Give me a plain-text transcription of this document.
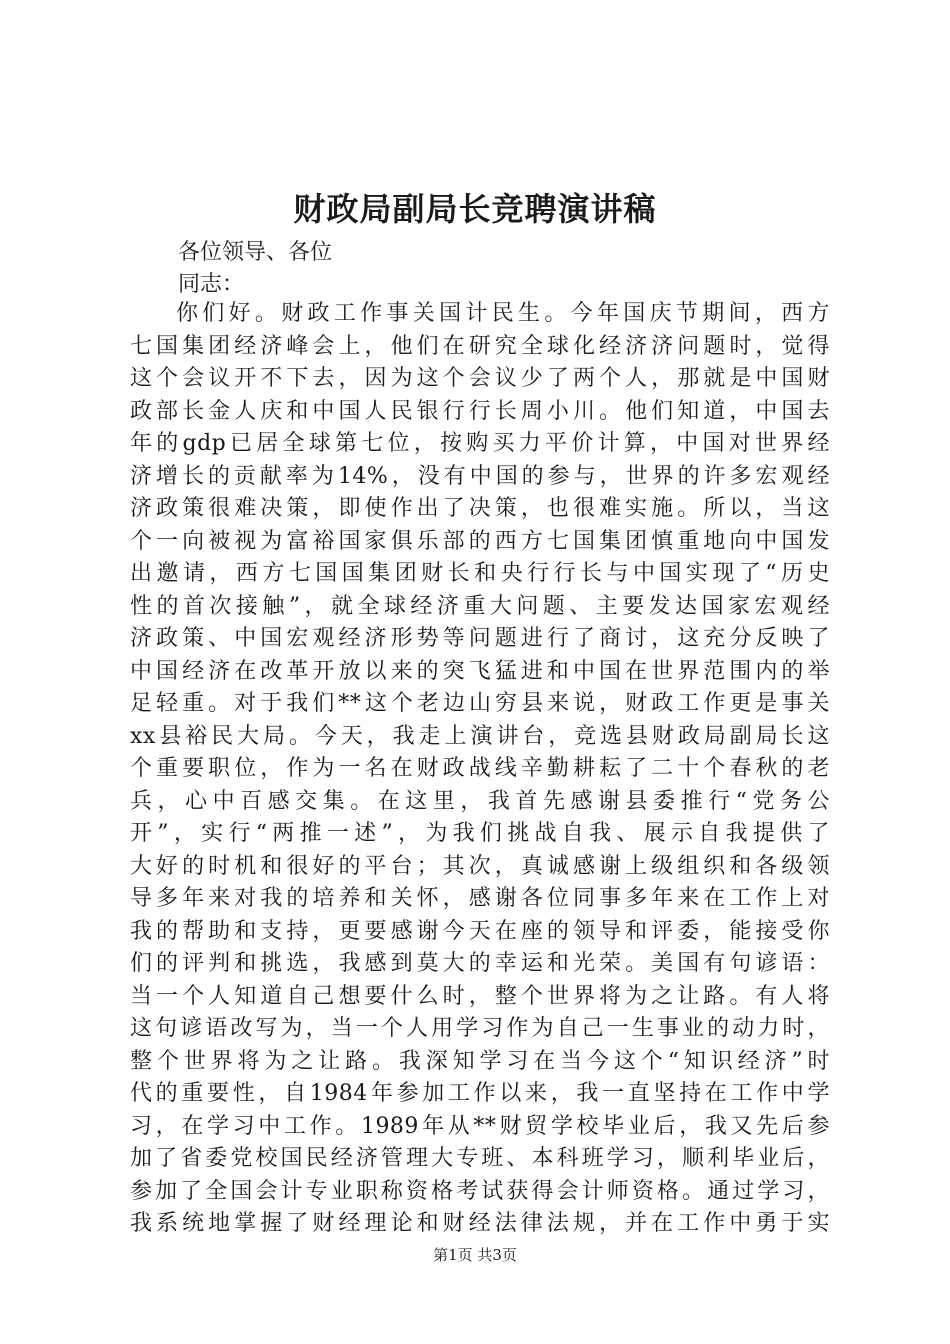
财政局副局长竞聘演讲稿

各位领导、各位

同志：

你们好。财政工作事关国计民生。今年国庆节期间，西方
七国集团经济峰会上，他们在研究全球化经济济问题时，觉得
这个会议开不下去，因为这个会议少了两个人，那就是中国财
政部长金人庆和中国人民银行行长周小川。他们知道，中国去
年的gdp已居全球第七位，按购买力平价计算，中国对世界经
济增长的贡献率为14%，没有中国的参与，世界的许多宏观经
济政策很难决策，即使作出了决策，也很难实施。所以，当这
个一向被视为富裕国家俱乐部的西方七国集团慎重地向中国发
出邀请，西方七国国集团财长和央行行长与中国实现了“历史
性的首次接触”，就全球经济重大问题、主要发达国家宏观经
济政策、中国宏观经济形势等问题进行了商讨，这充分反映了
中国经济在改革开放以来的突飞猛进和中国在世界范围内的举
足轻重。对于我们**这个老边山穷县来说，财政工作更是事关
xx县裕民大局。今天，我走上演讲台，竞选县财政局副局长这
个重要职位，作为一名在财政战线辛勤耕耘了二十个春秋的老
兵，心中百感交集。在这里，我首先感谢县委推行“党务公
开”，实行“两推一述”，为我们挑战自我、展示自我提供了
大好的时机和很好的平台；其次，真诚感谢上级组织和各级领
导多年来对我的培养和关怀，感谢各位同事多年来在工作上对
我的帮助和支持，更要感谢今天在座的领导和评委，能接受你
们的评判和挑选，我感到莫大的幸运和光荣。美国有句谚语：
当一个人知道自己想要什么时，整个世界将为之让路。有人将
这句谚语改写为，当一个人用学习作为自己一生事业的动力时，
整个世界将为之让路。我深知学习在当今这个“知识经济”时
代的重要性，自1984年参加工作以来，我一直坚持在工作中学
习，在学习中工作。1989年从**财贸学校毕业后，我又先后参
加了省委党校国民经济管理大专班、本科班学习，顺利毕业后，
参加了全国会计专业职称资格考试获得会计师资格。通过学习，
我系统地掌握了财经理论和财经法律法规，并在工作中勇于实

第1页 共3页
